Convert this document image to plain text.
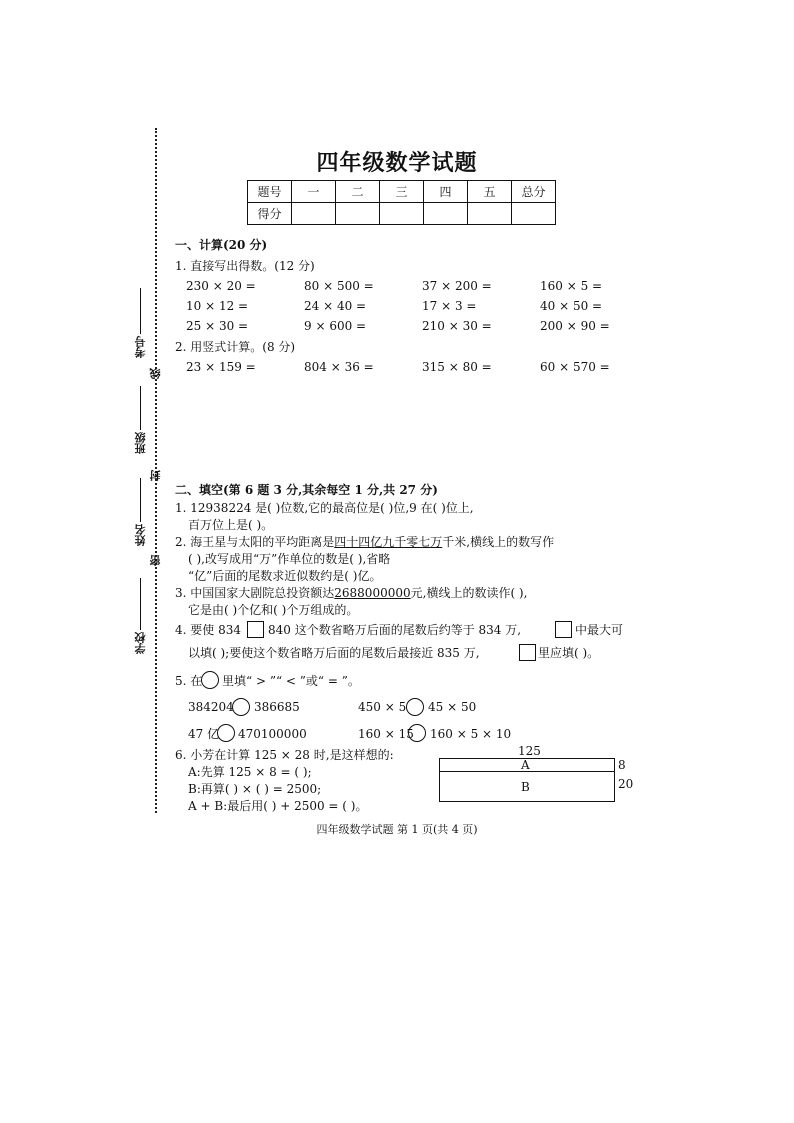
考号
线
班级
封
姓名
密
学校
四年级数学试题
题号	一	二	三	四	五	总分
得分						
一、计算(20 分)
1. 直接写出得数。(12 分)
230 × 20 =	80 × 500 =	37 × 200 =	160 × 5 =
10 × 12 =	24 × 40 =	17 × 3 =	40 × 50 =
25 × 30 =	9 × 600 =	210 × 30 =	200 × 90 =
2. 用竖式计算。(8 分)
23 × 159 =	804 × 36 =	315 × 80 =	60 × 570 =
二、填空(第 6 题 3 分,其余每空 1 分,共 27 分)
1. 12938224 是( )位数,它的最高位是( )位,9 在( )位上,
百万位上是( )。
2. 海王星与太阳的平均距离是四十四亿九千零七万千米,横线上的数写作
( ),改写成用“万”作单位的数是( ),省略
“亿”后面的尾数求近似数约是( )亿。
3. 中国国家大剧院总投资额达2688000000元,横线上的数读作( ),
它是由( )个亿和( )个万组成的。
4. 要使 834 840 这个数省略万后面的尾数后约等于 834 万,	中最大可
以填( );要使这个数省略万后面的尾数后最接近 835 万,	里应填( )。
5. 在 里填“ > ”“ < ”或“ = ”。
384204 386685	450 × 5 45 × 50
47 亿 470100000	160 × 15 160 × 5 × 10
6. 小芳在计算 125 × 28 时,是这样想的:
A:先算 125 × 8 = ( );
B:再算( ) × ( ) = 2500;
A + B:最后用( ) + 2500 = ( )。
125
A
B
8
20
四年级数学试题 第 1 页(共 4 页)
